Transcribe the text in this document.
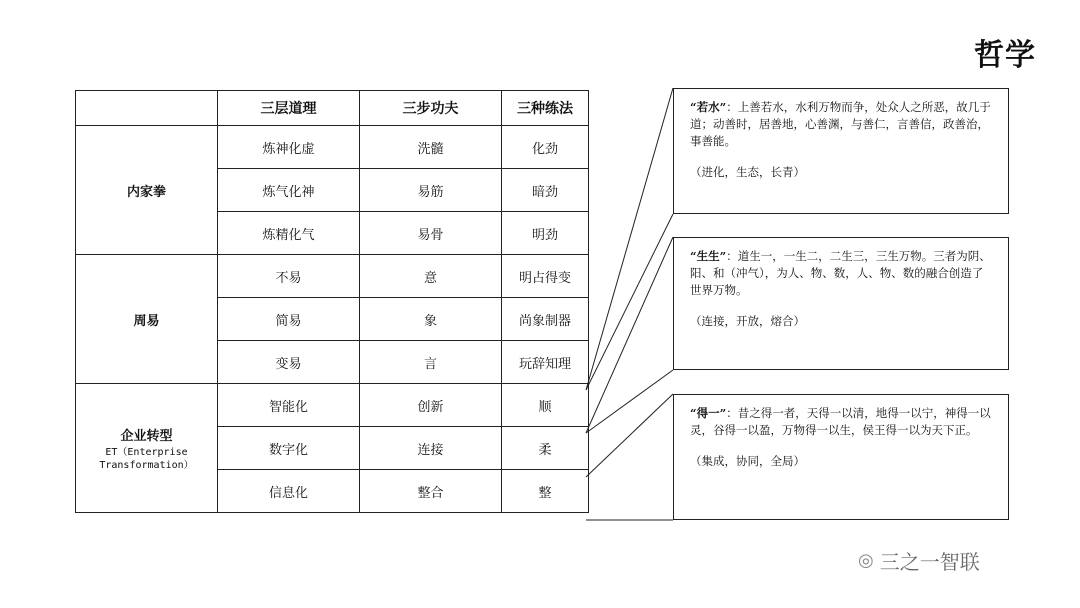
哲学
	三层道理	三步功夫	三种练法

内家拳	炼神化虚	洗髓	化劲
	炼气化神	易筋	暗劲
	炼精化气	易骨	明劲

周易	不易	意	明占得变
	简易	象	尚象制器
	变易	言	玩辞知理

企业转型
ET（Enterprise Transformation）	智能化	创新	顺
	数字化	连接	柔
	信息化	整合	整
“若水”：上善若水，水利万物而争，处众人之所恶，故几于道；动善时，居善地，心善渊，与善仁，言善信，政善治，事善能。
（进化，生态，长青）
“生生”：道生一，一生二，二生三，三生万物。三者为阴、阳、和（冲气），为人、物、数，人、物、数的融合创造了世界万物。
（连接，开放，熔合）
“得一”：昔之得一者，天得一以清，地得一以宁，神得一以灵，谷得一以盈，万物得一以生，侯王得一以为天下正。
（集成，协同，全局）
◎ 三之一智联
